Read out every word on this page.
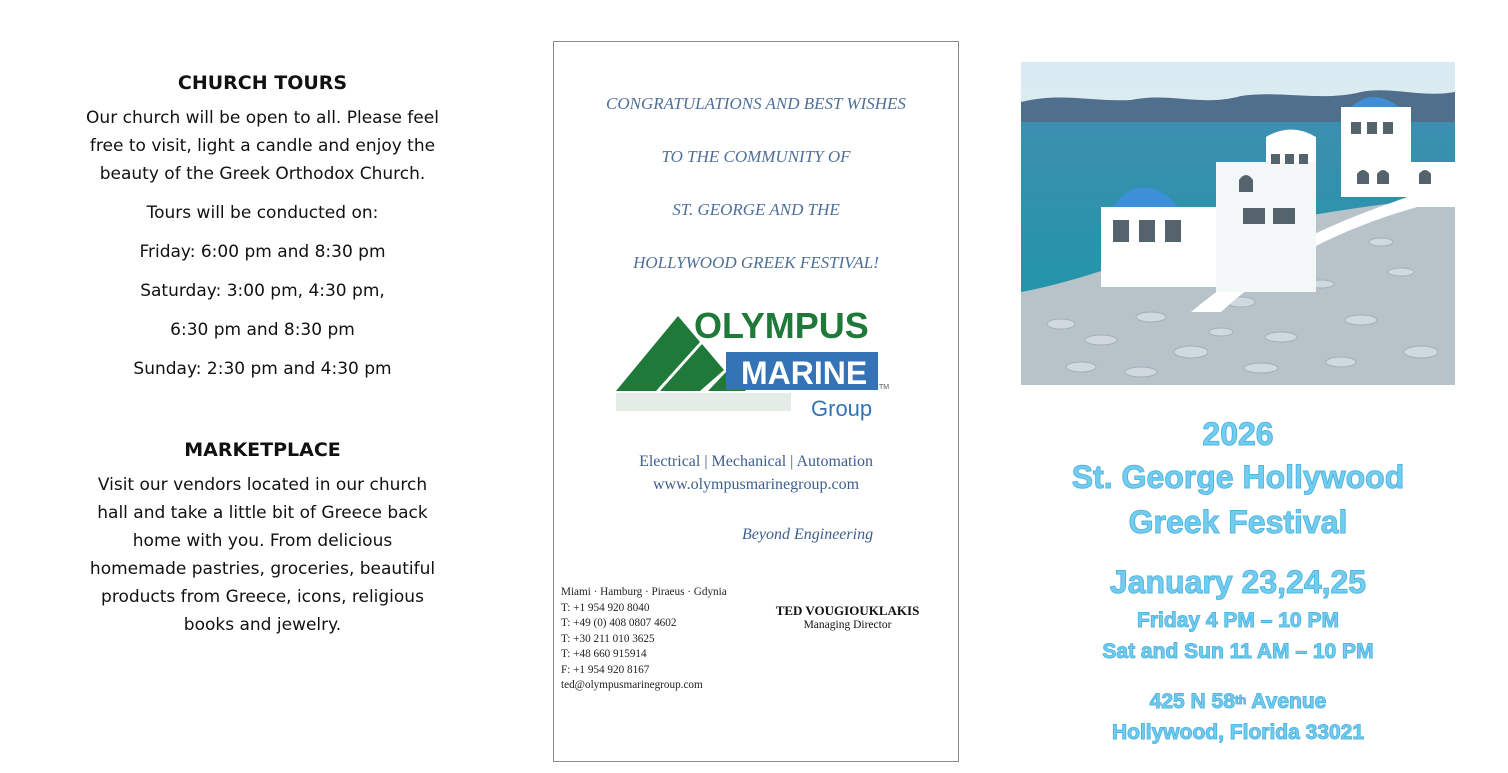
CHURCH TOURS

Our church will be open to all. Please feel

free to visit, light a candle and enjoy the

beauty of the Greek Orthodox Church.

Tours will be conducted on:

Friday: 6:00 pm and 8:30 pm

Saturday: 3:00 pm, 4:30 pm,

6:30 pm and 8:30 pm

Sunday: 2:30 pm and 4:30 pm

MARKETPLACE

Visit our vendors located in our church

hall and take a little bit of Greece back

home with you. From delicious

homemade pastries, groceries, beautiful

products from Greece, icons, religious

books and jewelry.

CONGRATULATIONS AND BEST WISHES
TO THE COMMUNITY OF
ST. GEORGE AND THE
HOLLYWOOD GREEK FESTIVAL!
OLYMPUS
MARINE TM
Group
Electrical | Mechanical | Automation
www.olympusmarinegroup.com
Beyond Engineering
Miami · Hamburg · Piraeus · Gdynia
T: +1 954 920 8040
T: +49 (0) 408 0807 4602
T: +30 211 010 3625
T: +48 660 915914
F: +1 954 920 8167
ted@olympusmarinegroup.com
TED VOUGIOUKLAKIS
Managing Director
2026
St. George Hollywood
Greek Festival
January 23,24,25
Friday 4 PM – 10 PM
Sat and Sun 11 AM – 10 PM
425 N 58th Avenue
Hollywood, Florida 33021
